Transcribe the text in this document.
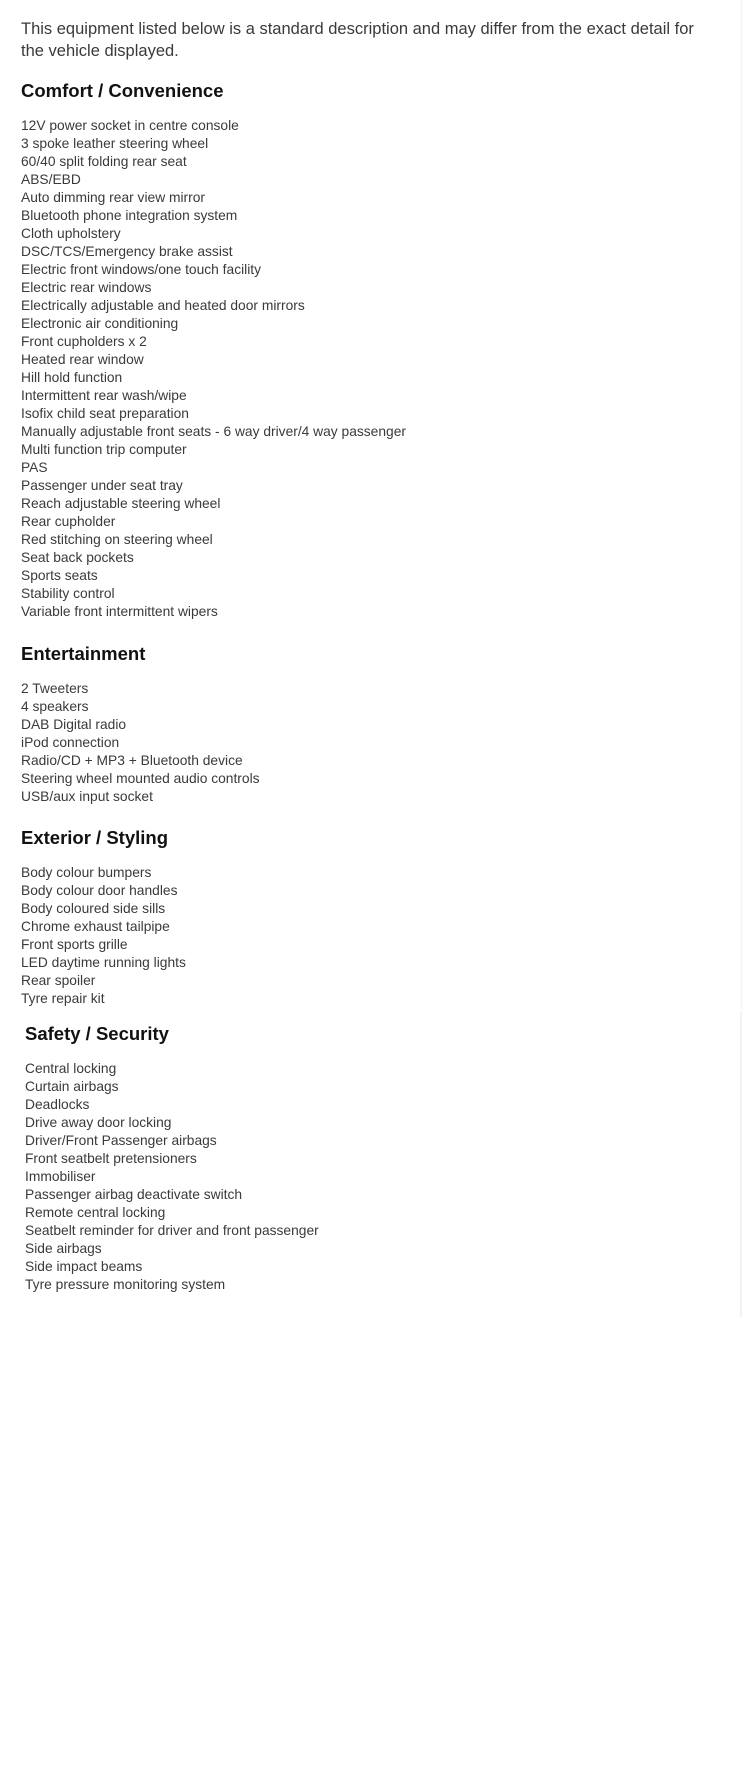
This equipment listed below is a standard description and may differ from the exact detail for the vehicle displayed.

Comfort / Convenience
12V power socket in centre console
3 spoke leather steering wheel
60/40 split folding rear seat
ABS/EBD
Auto dimming rear view mirror
Bluetooth phone integration system
Cloth upholstery
DSC/TCS/Emergency brake assist
Electric front windows/one touch facility
Electric rear windows
Electrically adjustable and heated door mirrors
Electronic air conditioning
Front cupholders x 2
Heated rear window
Hill hold function
Intermittent rear wash/wipe
Isofix child seat preparation
Manually adjustable front seats - 6 way driver/4 way passenger
Multi function trip computer
PAS
Passenger under seat tray
Reach adjustable steering wheel
Rear cupholder
Red stitching on steering wheel
Seat back pockets
Sports seats
Stability control
Variable front intermittent wipers
Entertainment
2 Tweeters
4 speakers
DAB Digital radio
iPod connection
Radio/CD + MP3 + Bluetooth device
Steering wheel mounted audio controls
USB/aux input socket
Exterior / Styling
Body colour bumpers
Body colour door handles
Body coloured side sills
Chrome exhaust tailpipe
Front sports grille
LED daytime running lights
Rear spoiler
Tyre repair kit
Safety / Security
Central locking
Curtain airbags
Deadlocks
Drive away door locking
Driver/Front Passenger airbags
Front seatbelt pretensioners
Immobiliser
Passenger airbag deactivate switch
Remote central locking
Seatbelt reminder for driver and front passenger
Side airbags
Side impact beams
Tyre pressure monitoring system
